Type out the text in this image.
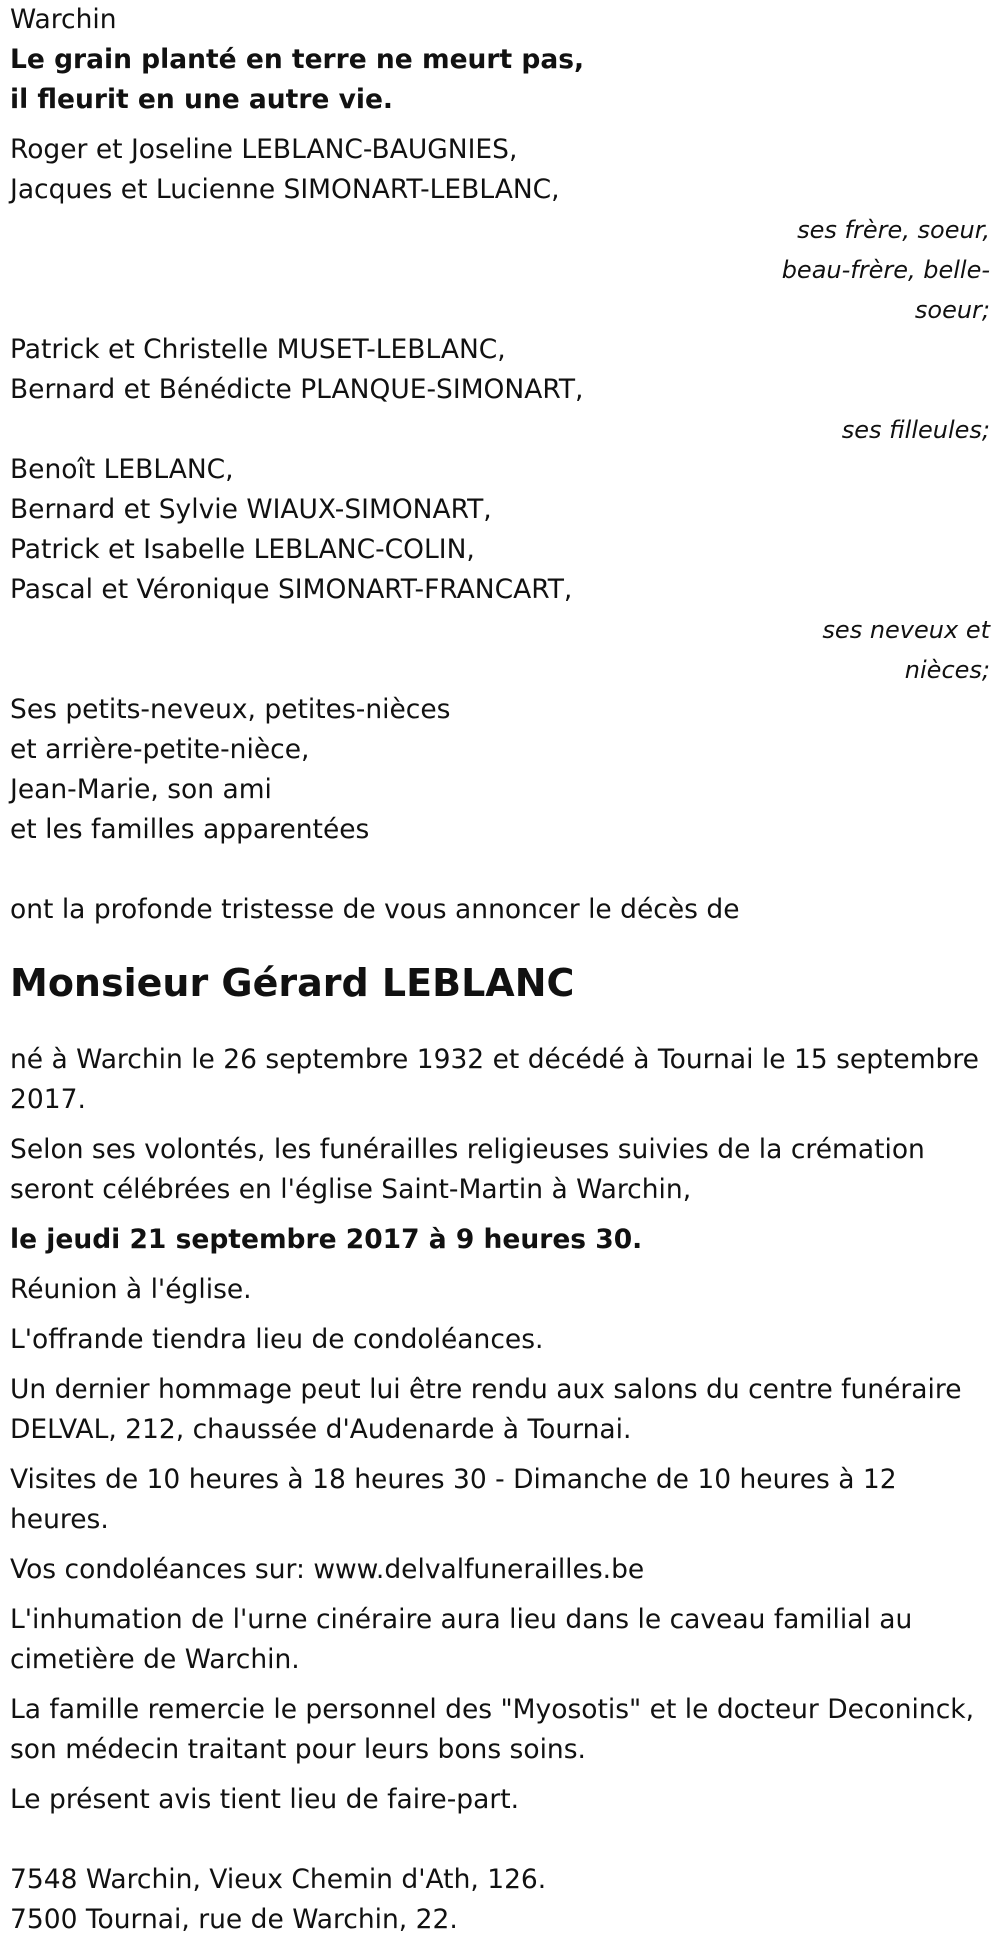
Warchin
Le grain planté en terre ne meurt pas,
il fleurit en une autre vie.
Roger et Joseline LEBLANC-BAUGNIES,
Jacques et Lucienne SIMONART-LEBLANC,
ses frère, soeur,
beau-frère, belle-
soeur;
Patrick et Christelle MUSET-LEBLANC,
Bernard et Bénédicte PLANQUE-SIMONART,
ses filleules;
Benoît LEBLANC,
Bernard et Sylvie WIAUX-SIMONART,
Patrick et Isabelle LEBLANC-COLIN,
Pascal et Véronique SIMONART-FRANCART,
ses neveux et
nièces;
Ses petits-neveux, petites-nièces
et arrière-petite-nièce,
Jean-Marie, son ami
et les familles apparentées
ont la profonde tristesse de vous annoncer le décès de
Monsieur Gérard LEBLANC
né à Warchin le 26 septembre 1932 et décédé à Tournai le 15 septembre 2017.
Selon ses volontés, les funérailles religieuses suivies de la crémation seront célébrées en l'église Saint-Martin à Warchin,
le jeudi 21 septembre 2017 à 9 heures 30.
Réunion à l'église.
L'offrande tiendra lieu de condoléances.
Un dernier hommage peut lui être rendu aux salons du centre funéraire DELVAL, 212, chaussée d'Audenarde à Tournai.
Visites de 10 heures à 18 heures 30 - Dimanche de 10 heures à 12 heures.
Vos condoléances sur: www.delvalfunerailles.be
L'inhumation de l'urne cinéraire aura lieu dans le caveau familial au cimetière de Warchin.
La famille remercie le personnel des "Myosotis" et le docteur Deconinck, son médecin traitant pour leurs bons soins.
Le présent avis tient lieu de faire-part.
7548 Warchin, Vieux Chemin d'Ath, 126.
7500 Tournai, rue de Warchin, 22.
